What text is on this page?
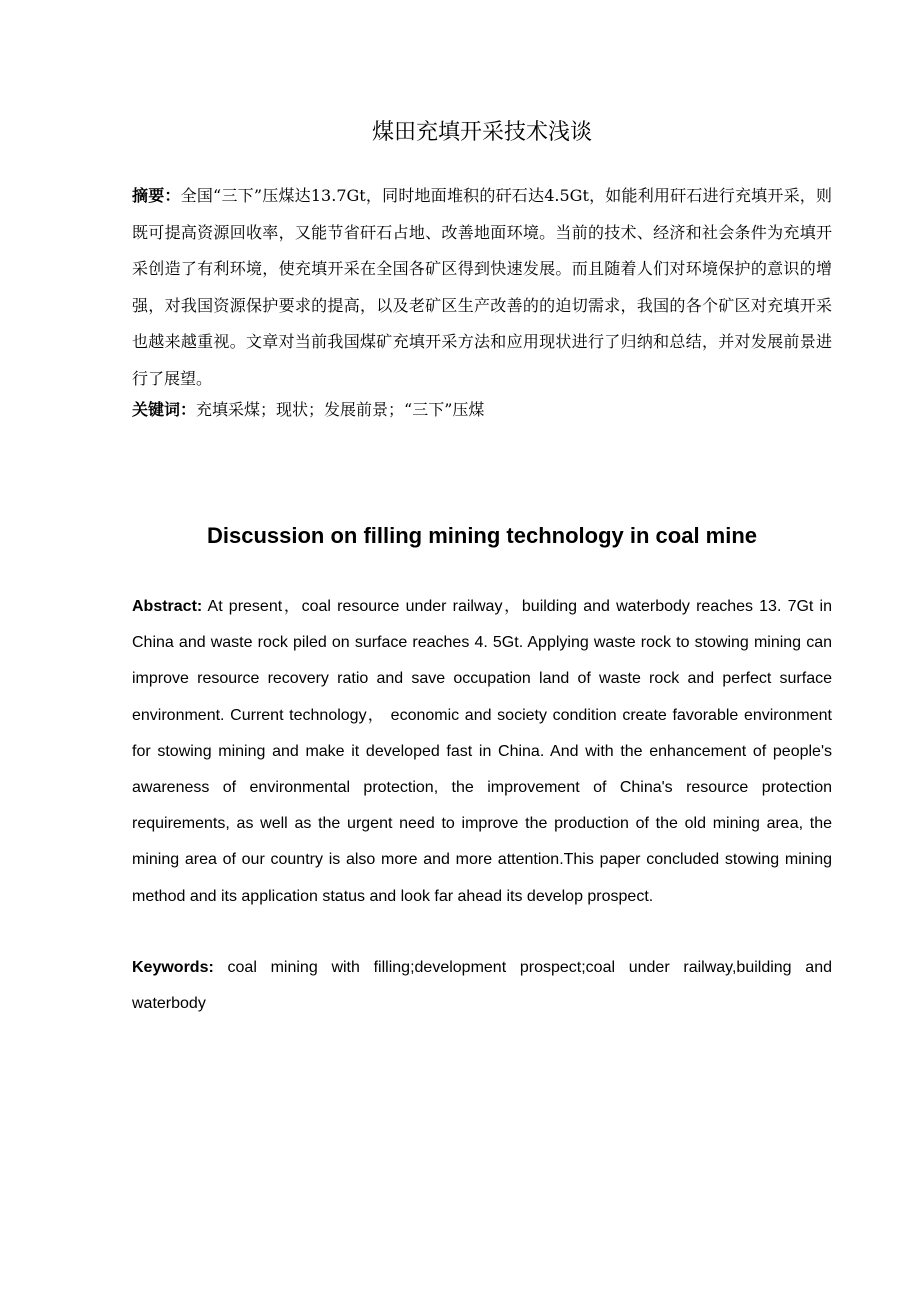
煤田充填开采技术浅谈
摘要：全国“三下”压煤达13.7Gt，同时地面堆积的矸石达4.5Gt，如能利用矸石进行充填开采，则既可提高资源回收率，又能节省矸石占地、改善地面环境。当前的技术、经济和社会条件为充填开采创造了有利环境，使充填开采在全国各矿区得到快速发展。而且随着人们对环境保护的意识的增强，对我国资源保护要求的提高，以及老矿区生产改善的的迫切需求，我国的各个矿区对充填开采也越来越重视。文章对当前我国煤矿充填开采方法和应用现状进行了归纳和总结，并对发展前景进行了展望。
关键词：充填采煤；现状；发展前景；“三下”压煤
Discussion on filling mining technology in coal mine
Abstract: At present，coal resource under railway，building and waterbody reaches 13. 7Gt in China and waste rock piled on surface reaches 4. 5Gt. Applying waste rock to stowing mining can improve resource recovery ratio and save occupation land of waste rock and perfect surface environment. Current technology， economic and society condition create favorable environment for stowing mining and make it developed fast in China. And with the enhancement of people's awareness of environmental protection, the improvement of China's resource protection requirements, as well as the urgent need to improve the production of the old mining area, the mining area of our country is also more and more attention.This paper concluded stowing mining method and its application status and look far ahead its develop prospect.
Keywords: coal mining with filling;development prospect;coal under railway,building and waterbody
